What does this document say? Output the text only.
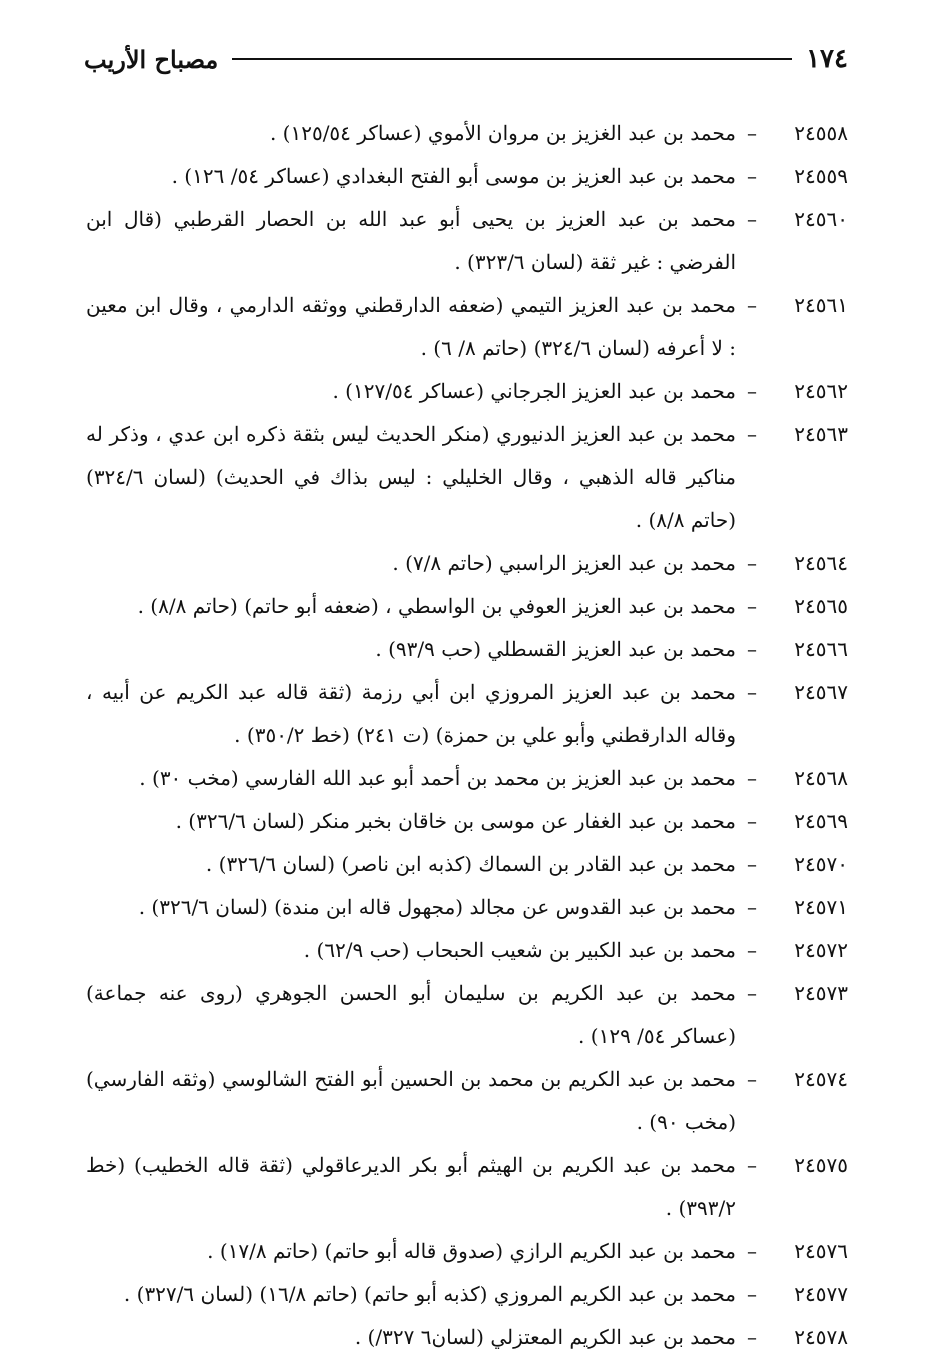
١٧٤
مصباح الأريب
٢٤٥٥٨
–
محمد بن عبد الغزيز بن مروان الأموي (عساكر ١٢٥/٥٤) .
٢٤٥٥٩
–
محمد بن عبد العزيز بن موسى أبو الفتح البغدادي (عساكر ٥٤/ ١٢٦) .
٢٤٥٦٠
–
محمد بن عبد العزيز بن يحيى أبو عبد الله بن الحصار القرطبي (قال ابن الفرضي : غير ثقة (لسان ٣٢٣/٦) .
٢٤٥٦١
–
محمد بن عبد العزيز التيمي (ضعفه الدارقطني ووثقه الدارمي ، وقال ابن معين : لا أعرفه (لسان ٣٢٤/٦) (حاتم ٨/ ٦) .
٢٤٥٦٢
–
محمد بن عبد العزيز الجرجاني (عساكر ١٢٧/٥٤) .
٢٤٥٦٣
–
محمد بن عبد العزيز الدنيوري (منكر الحديث ليس بثقة ذكره ابن عدي ، وذكر له مناكير قاله الذهبي ، وقال الخليلي : ليس بذاك في الحديث) (لسان ٣٢٤/٦) (حاتم ٨/٨) .
٢٤٥٦٤
–
محمد بن عبد العزيز الراسبي (حاتم ٧/٨) .
٢٤٥٦٥
–
محمد بن عبد العزيز العوفي بن الواسطي ، (ضعفه أبو حاتم) (حاتم ٨/٨) .
٢٤٥٦٦
–
محمد بن عبد العزيز القسطلي (حب ٩٣/٩) .
٢٤٥٦٧
–
محمد بن عبد العزيز المروزي ابن أبي رزمة (ثقة قاله عبد الكريم عن أبيه ، وقاله الدارقطني وأبو علي بن حمزة) (ت ٢٤١) (خط ٣٥٠/٢) .
٢٤٥٦٨
–
محمد بن عبد العزيز بن محمد بن أحمد أبو عبد الله الفارسي (مخب ٣٠) .
٢٤٥٦٩
–
محمد بن عبد الغفار عن موسى بن خاقان بخبر منكر (لسان ٣٢٦/٦) .
٢٤٥٧٠
–
محمد بن عبد القادر بن السماك (كذبه ابن ناصر) (لسان ٣٢٦/٦) .
٢٤٥٧١
–
محمد بن عبد القدوس عن مجالد (مجهول قاله ابن مندة) (لسان ٣٢٦/٦) .
٢٤٥٧٢
–
محمد بن عبد الكبير بن شعيب الحبحاب (حب ٦٢/٩) .
٢٤٥٧٣
–
محمد بن عبد الكريم بن سليمان أبو الحسن الجوهري (روى عنه جماعة) (عساكر ٥٤/ ١٢٩) .
٢٤٥٧٤
–
محمد بن عبد الكريم بن محمد بن الحسين أبو الفتح الشالوسي (وثقه الفارسي) (مخب ٩٠) .
٢٤٥٧٥
–
محمد بن عبد الكريم بن الهيثم أبو بكر الديرعاقولي (ثقة قاله الخطيب) (خط ٣٩٣/٢) .
٢٤٥٧٦
–
محمد بن عبد الكريم الرازي (صدوق قاله أبو حاتم) (حاتم ١٧/٨) .
٢٤٥٧٧
–
محمد بن عبد الكريم المروزي (كذبه أبو حاتم) (حاتم ١٦/٨) (لسان ٣٢٧/٦) .
٢٤٥٧٨
–
محمد بن عبد الكريم المعتزلي (لسان٦ ٣٢٧/) .
